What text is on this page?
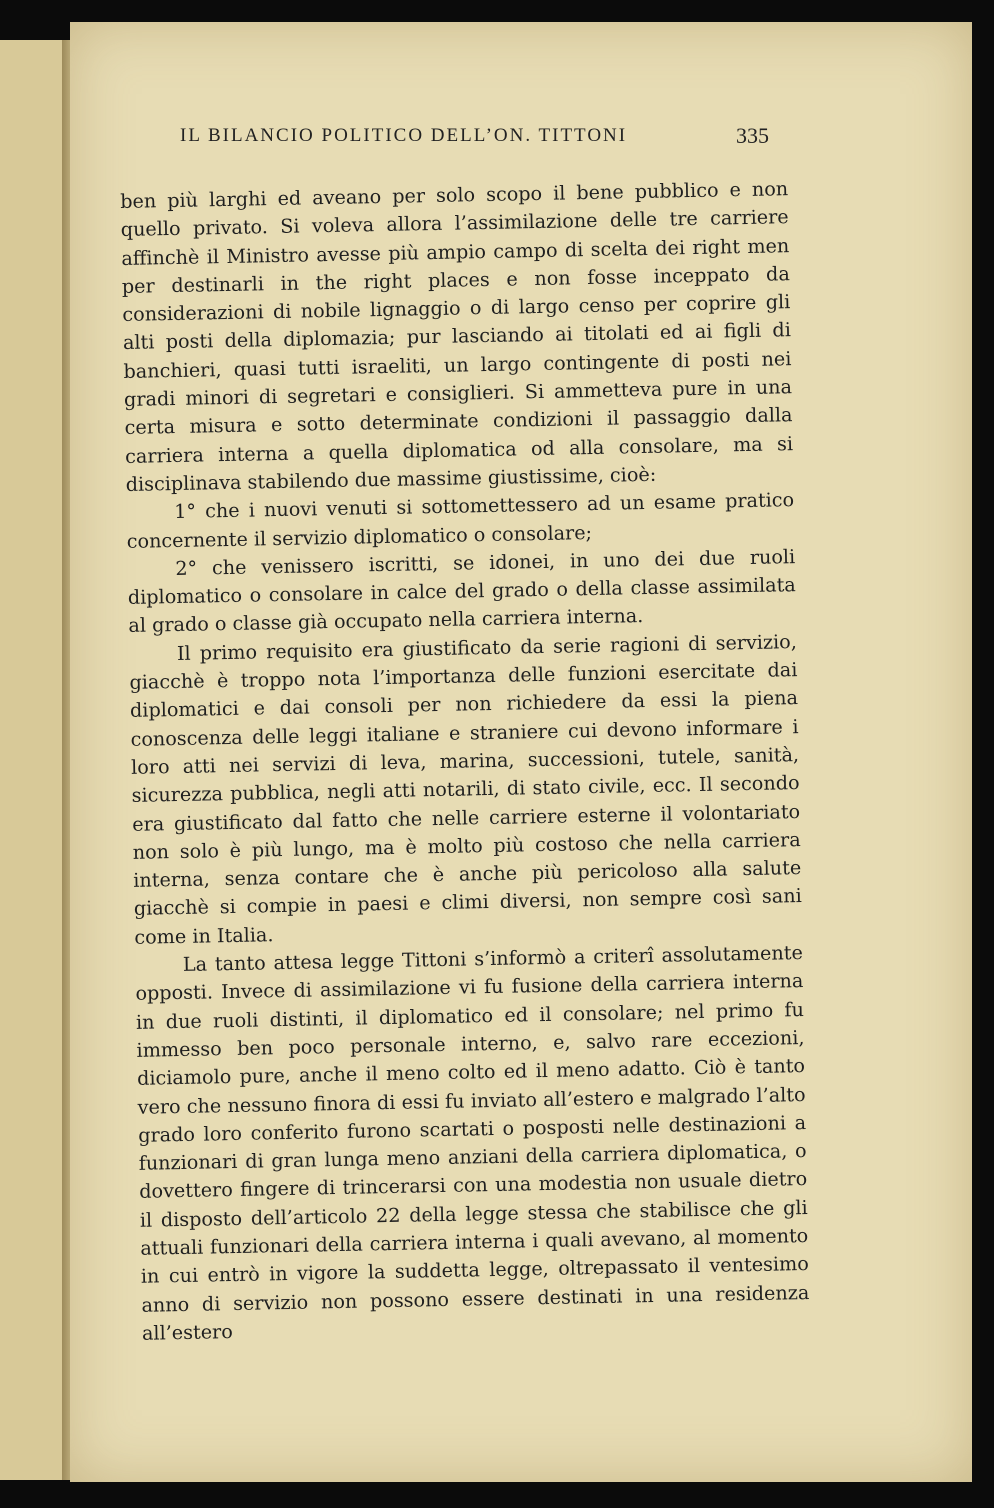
IL BILANCIO POLITICO DELL’ON. TITTONI	335

ben più larghi ed aveano per solo scopo il bene pubblico e non quello privato. Si voleva allora l’assimilazione delle tre carriere affinchè il Ministro avesse più ampio campo di scelta dei right men per destinarli in the right places e non fosse inceppato da considerazioni di nobile lignaggio o di largo censo per coprire gli alti posti della diplomazia; pur lasciando ai titolati ed ai figli di banchieri, quasi tutti israeliti, un largo contingente di posti nei gradi minori di segretari e consiglieri. Si ammetteva pure in una certa misura e sotto determinate condizioni il passaggio dalla carriera interna a quella diplomatica od alla consolare, ma si disciplinava stabilendo due massime giustissime, cioè:

1° che i nuovi venuti si sottomettessero ad un esame pratico concernente il servizio diplomatico o consolare;

2° che venissero iscritti, se idonei, in uno dei due ruoli diplomatico o consolare in calce del grado o della classe assimilata al grado o classe già occupato nella carriera interna.

Il primo requisito era giustificato da serie ragioni di servizio, giacchè è troppo nota l’importanza delle funzioni esercitate dai diplomatici e dai consoli per non richiedere da essi la piena conoscenza delle leggi italiane e straniere cui devono informare i loro atti nei servizi di leva, marina, successioni, tutele, sanità, sicurezza pubblica, negli atti notarili, di stato civile, ecc. Il secondo era giustificato dal fatto che nelle carriere esterne il volontariato non solo è più lungo, ma è molto più costoso che nella carriera interna, senza contare che è anche più pericoloso alla salute giacchè si compie in paesi e climi diversi, non sempre così sani come in Italia.

La tanto attesa legge Tittoni s’informò a criterî assolutamente opposti. Invece di assimilazione vi fu fusione della carriera interna in due ruoli distinti, il diplomatico ed il consolare; nel primo fu immesso ben poco personale interno, e, salvo rare eccezioni, diciamolo pure, anche il meno colto ed il meno adatto. Ciò è tanto vero che nessuno finora di essi fu inviato all’estero e malgrado l’alto grado loro conferito furono scartati o posposti nelle destinazioni a funzionari di gran lunga meno anziani della carriera diplomatica, o dovettero fingere di trincerarsi con una modestia non usuale dietro il disposto dell’articolo 22 della legge stessa che stabilisce che gli attuali funzionari della carriera interna i quali avevano, al momento in cui entrò in vigore la suddetta legge, oltrepassato il ventesimo anno di servizio non possono essere destinati in una residenza all’estero
